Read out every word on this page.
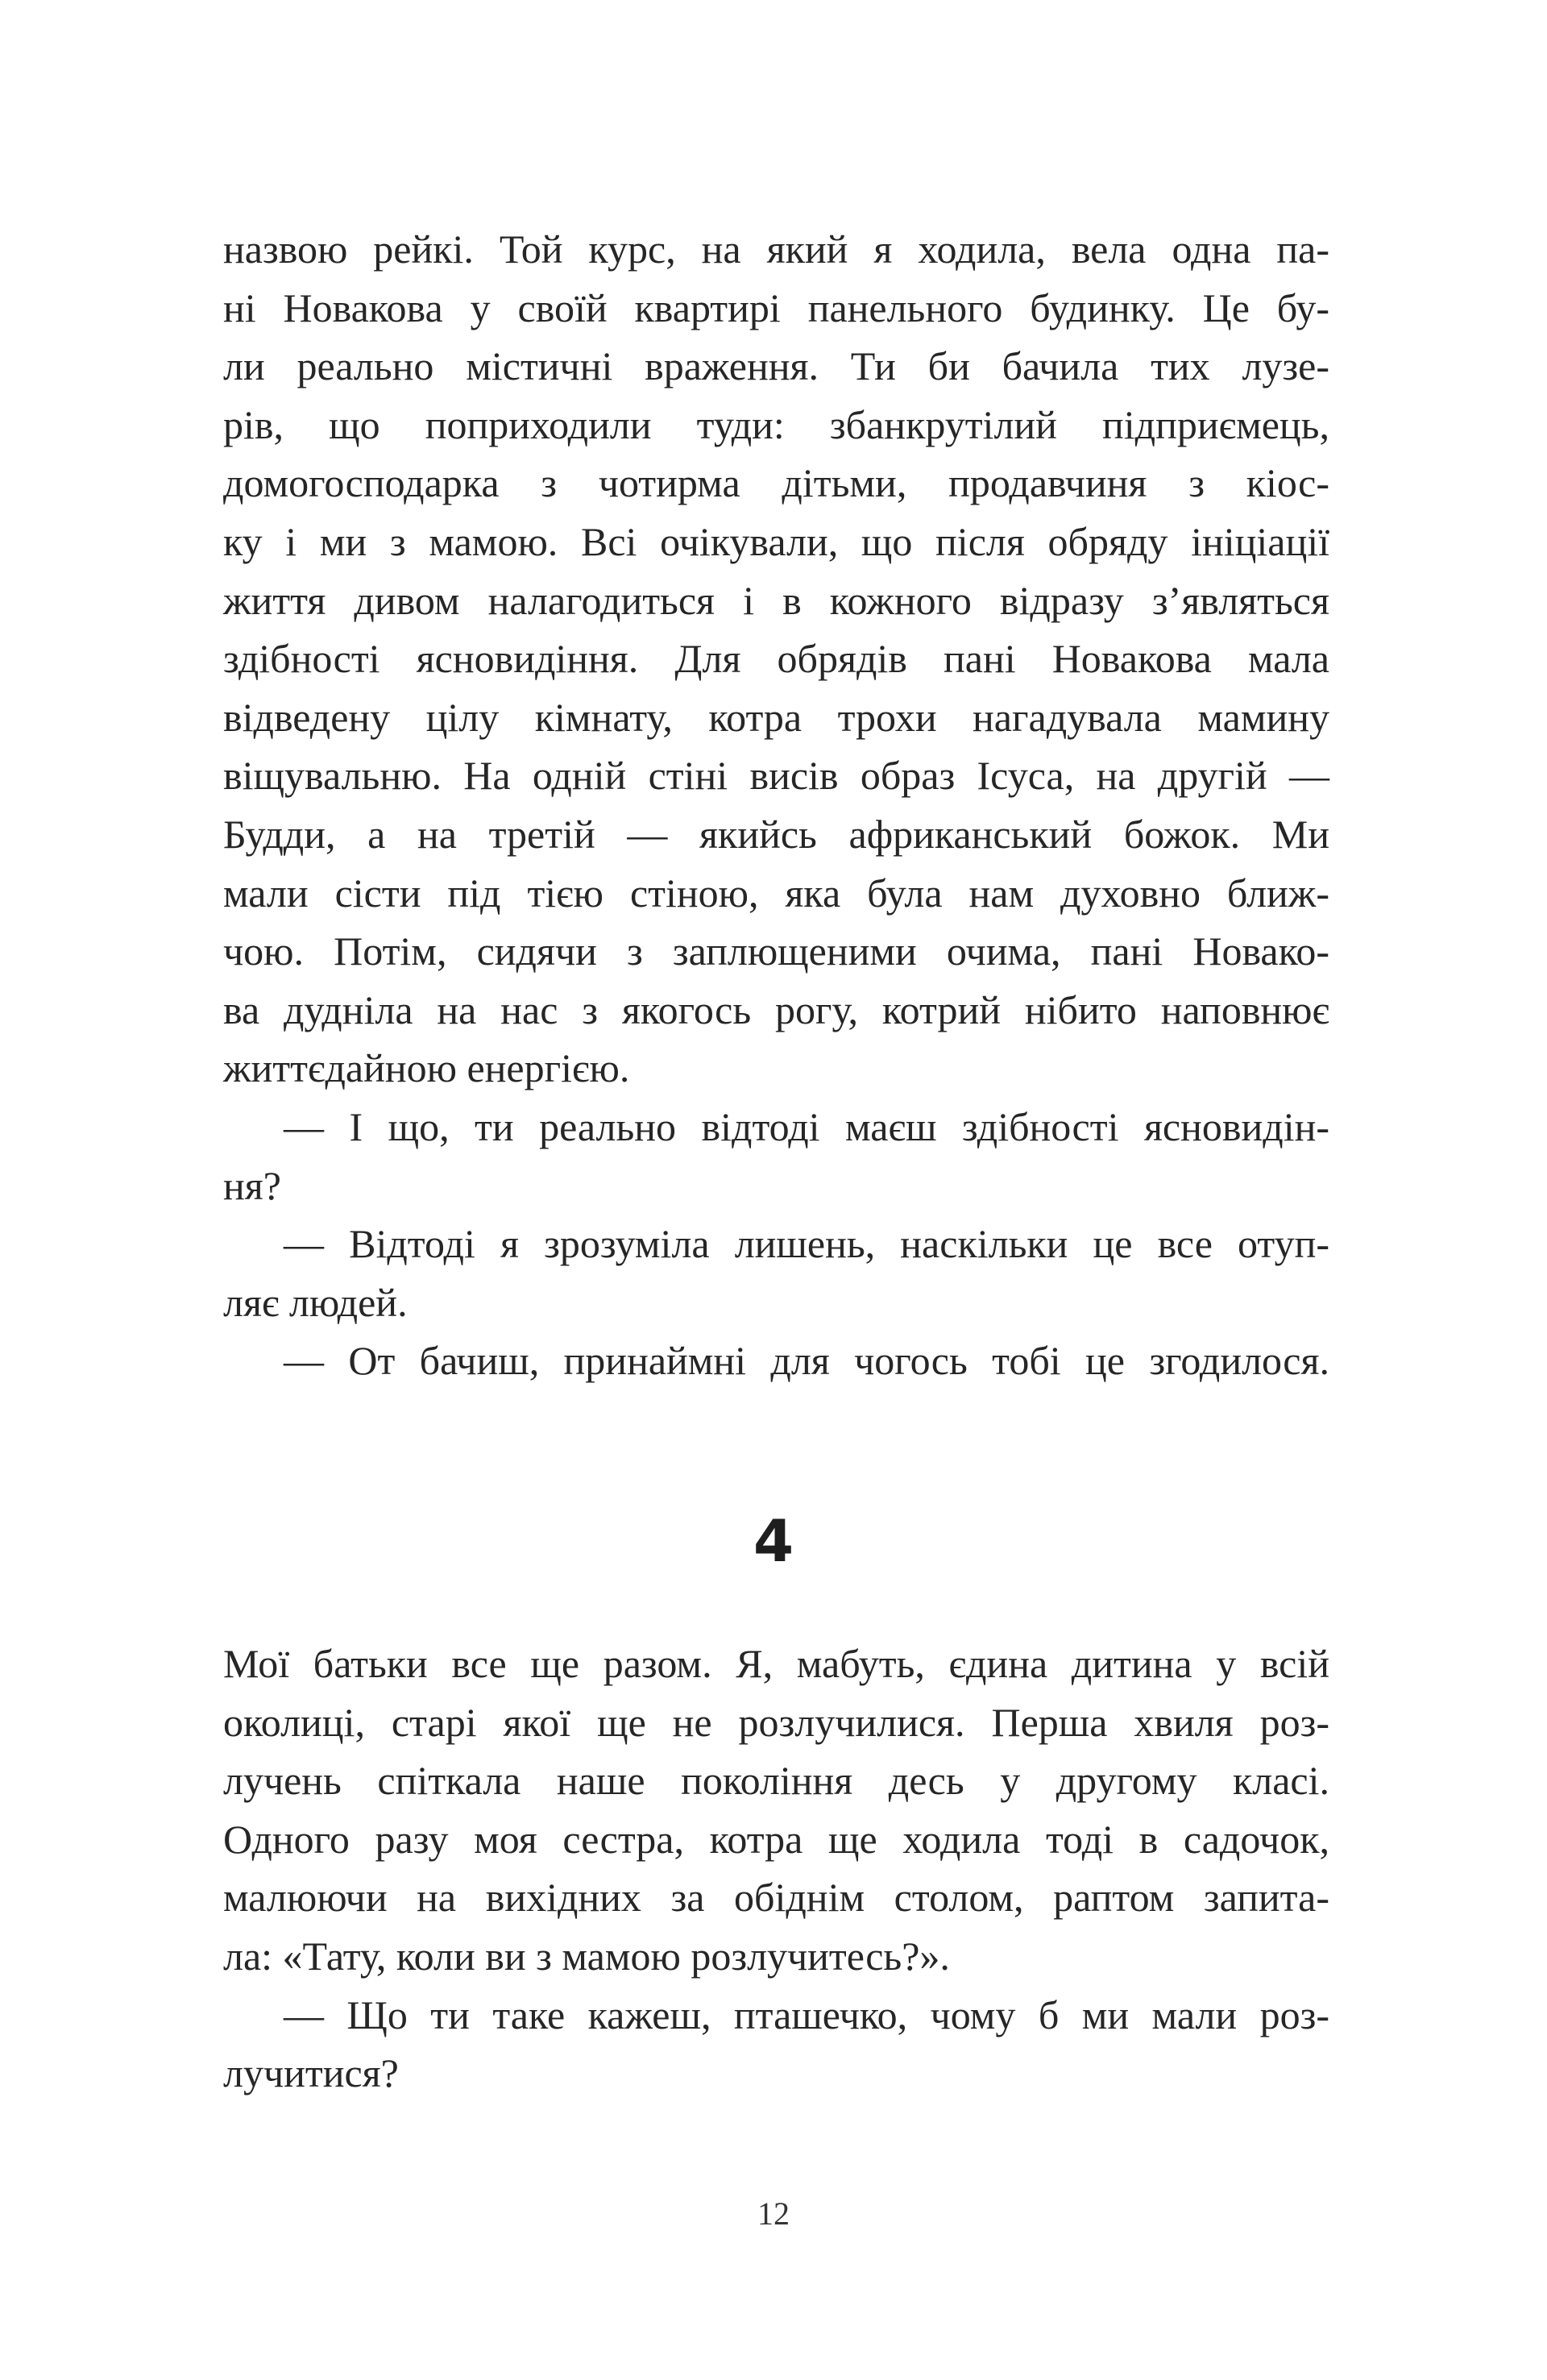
назвою рейкі. Той курс, на який я ходила, вела одна па-
ні Новакова у своїй квартирі панельного будинку. Це бу-
ли реально містичні враження. Ти би бачила тих лузе-
рів, що поприходили туди: збанкрутілий підприємець,
домогосподарка з чотирма дітьми, продавчиня з кіос-
ку і ми з мамою. Всі очікували, що після обряду ініціації
життя дивом налагодиться і в кожного відразу з’являться
здібності ясновидіння. Для обрядів пані Новакова мала
відведену цілу кімнату, котра трохи нагадувала мамину
віщувальню. На одній стіні висів образ Ісуса, на другій —
Будди, а на третій — якийсь африканський божок. Ми
мали сісти під тією стіною, яка була нам духовно ближ-
чою. Потім, сидячи з заплющеними очима, пані Новако-
ва дудніла на нас з якогось рогу, котрий нібито наповнює
життєдайною енергією.
— І що, ти реально відтоді маєш здібності ясновидін-
ня?
— Відтоді я зрозуміла лишень, наскільки це все отуп-
ляє людей.
— От бачиш, принаймні для чогось тобі це згодилося.
4
Мої батьки все ще разом. Я, мабуть, єдина дитина у всій
околиці, старі якої ще не розлучилися. Перша хвиля роз-
лучень спіткала наше покоління десь у другому класі.
Одного разу моя сестра, котра ще ходила тоді в садочок,
малюючи на вихідних за обіднім столом, раптом запита-
ла: «Тату, коли ви з мамою розлучитесь?».
— Що ти таке кажеш, пташечко, чому б ми мали роз-
лучитися?
12
